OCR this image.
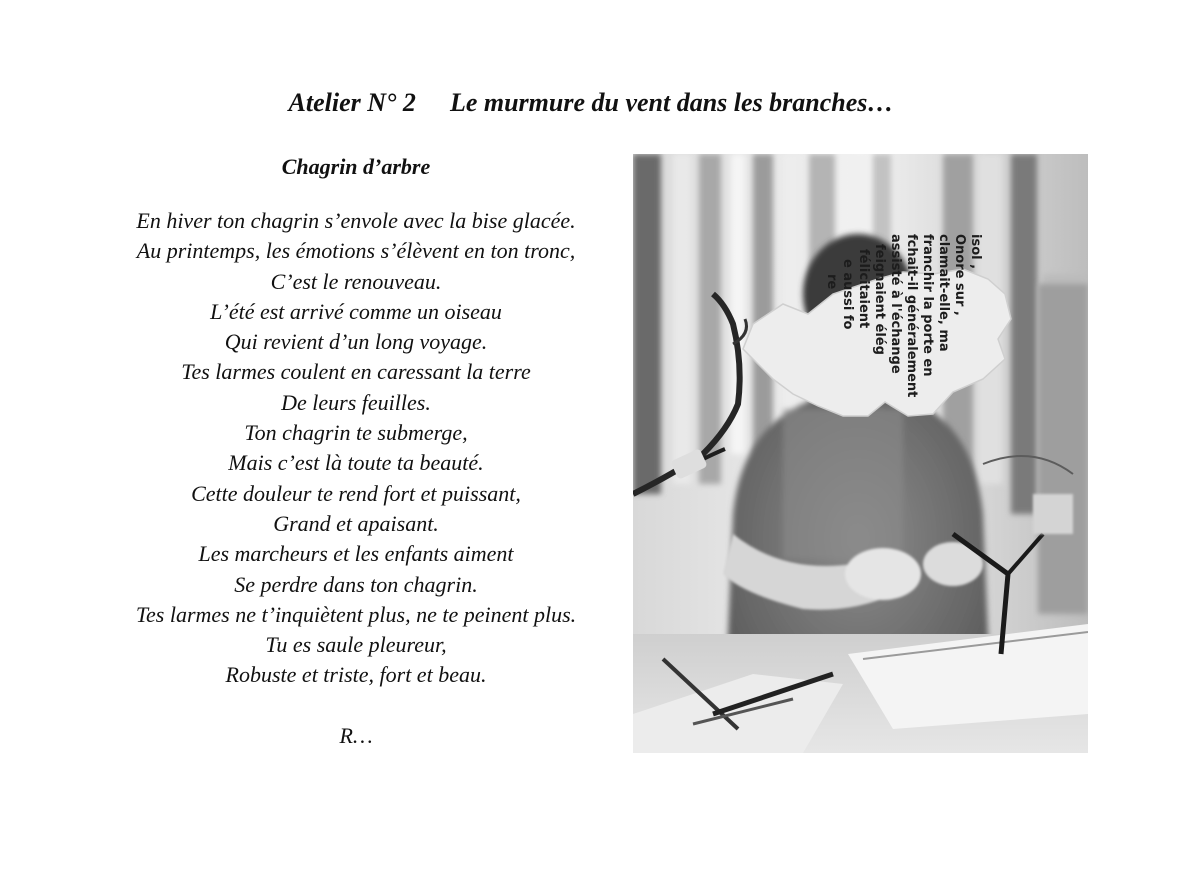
Atelier N° 2 Le murmure du vent dans les branches…
Chagrin d’arbre
En hiver ton chagrin s’envole avec la bise glacée.
Au printemps, les émotions s’élèvent en ton tronc,
C’est le renouveau.
L’été est arrivé comme un oiseau
Qui revient d’un long voyage.
Tes larmes coulent en caressant la terre
De leurs feuilles.
Ton chagrin te submerge,
Mais c’est là toute ta beauté.
Cette douleur te rend fort et puissant,
Grand et apaisant.
Les marcheurs et les enfants aiment
Se perdre dans ton chagrin.
Tes larmes ne t’inquiètent plus, ne te peinent plus.
Tu es saule pleureur,
Robuste et triste, fort et beau.
R…
isol ,
Onore sur ,
clamait-elle, ma
franchir la porte en
fchait-il généralement
assisté à l'échange
feignaient élég
félicitaient
e aussi fo
re
